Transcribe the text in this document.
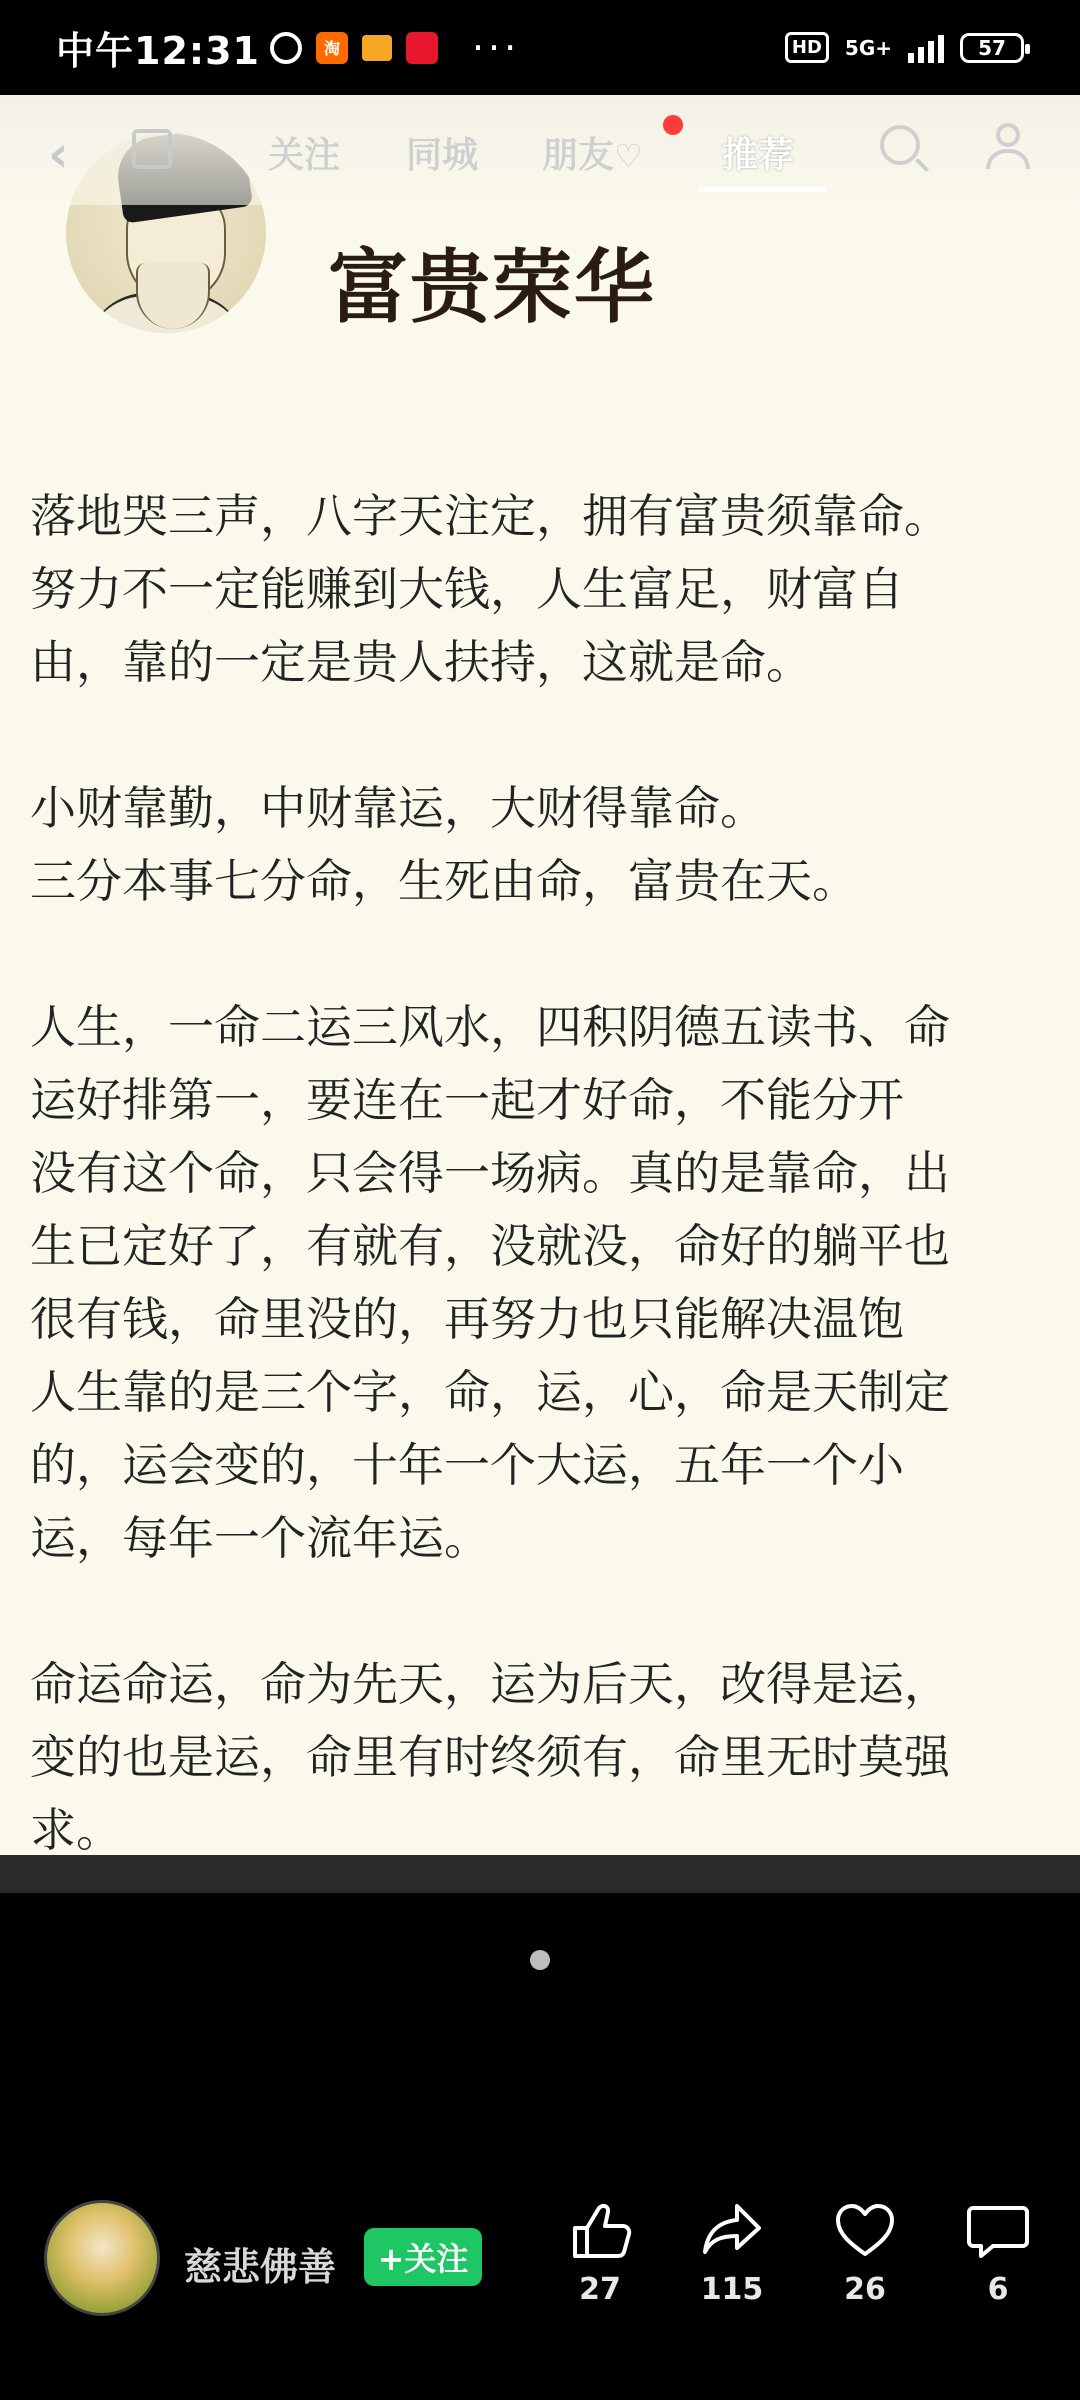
中午12:31	淘	···	HD	5G+	57
‹	关注 同城 朋友♡ 推荐
富贵荣华

落地哭三声，八字天注定，拥有富贵须靠命。
努力不一定能赚到大钱，人生富足，财富自
由，靠的一定是贵人扶持，这就是命。

小财靠勤，中财靠运，大财得靠命。
三分本事七分命，生死由命，富贵在天。

人生，一命二运三风水，四积阴德五读书、命
运好排第一，要连在一起才好命，不能分开
没有这个命，只会得一场病。真的是靠命，出
生已定好了，有就有，没就没，命好的躺平也
很有钱，命里没的，再努力也只能解决温饱
人生靠的是三个字，命，运，心，命是天制定
的，运会变的，十年一个大运，五年一个小
运，每年一个流年运。

命运命运，命为先天，运为后天，改得是运，
变的也是运，命里有时终须有，命里无时莫强
求。

慈悲佛善	+关注
27	115	26	6
